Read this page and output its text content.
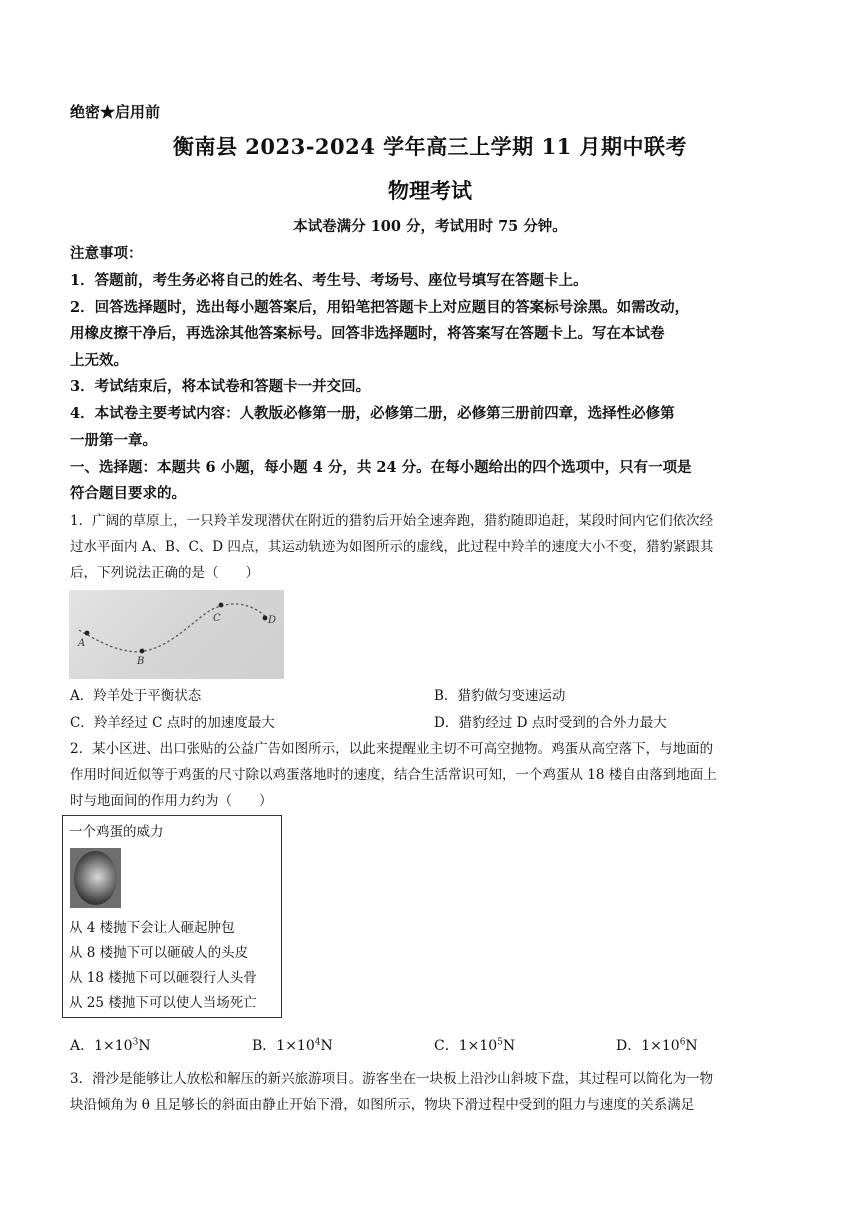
绝密★启用前
衡南县 2023-2024 学年高三上学期 11 月期中联考
物理考试
本试卷满分 100 分，考试用时 75 分钟。
注意事项：
1．答题前，考生务必将自己的姓名、考生号、考场号、座位号填写在答题卡上。
2．回答选择题时，选出每小题答案后，用铅笔把答题卡上对应题目的答案标号涂黑。如需改动，
用橡皮擦干净后，再选涂其他答案标号。回答非选择题时，将答案写在答题卡上。写在本试卷
上无效。
3．考试结束后，将本试卷和答题卡一并交回。
4．本试卷主要考试内容：人教版必修第一册，必修第二册，必修第三册前四章，选择性必修第
一册第一章。
一、选择题：本题共 6 小题，每小题 4 分，共 24 分。在每小题给出的四个选项中，只有一项是
符合题目要求的。
1．广阔的草原上，一只羚羊发现潜伏在附近的猎豹后开始全速奔跑，猎豹随即追赶，某段时间内它们依次经
过水平面内 A、B、C、D 四点，其运动轨迹为如图所示的虚线，此过程中羚羊的速度大小不变，猎豹紧跟其
后，下列说法正确的是（　　）
A
B
C	D
A．羚羊处于平衡状态	B．猎豹做匀变速运动
C．羚羊经过 C 点时的加速度最大	D．猎豹经过 D 点时受到的合外力最大
2．某小区进、出口张贴的公益广告如图所示，以此来提醒业主切不可高空抛物。鸡蛋从高空落下，与地面的
作用时间近似等于鸡蛋的尺寸除以鸡蛋落地时的速度，结合生活常识可知，一个鸡蛋从 18 楼自由落到地面上
时与地面间的作用力约为（　　）
一个鸡蛋的威力
从 4 楼抛下会让人砸起肿包
从 8 楼抛下可以砸破人的头皮
从 18 楼抛下可以砸裂行人头骨
从 25 楼抛下可以使人当场死亡
A．$1\times 10^3N$	B．$1\times 10^4N$	C．$1\times 10^5N$	D．$1\times 10^6N$
3．滑沙是能够让人放松和解压的新兴旅游项目。游客坐在一块板上沿沙山斜坡下盘，其过程可以简化为一物
块沿倾角为 θ 且足够长的斜面由静止开始下滑，如图所示，物块下滑过程中受到的阻力与速度的关系满足
